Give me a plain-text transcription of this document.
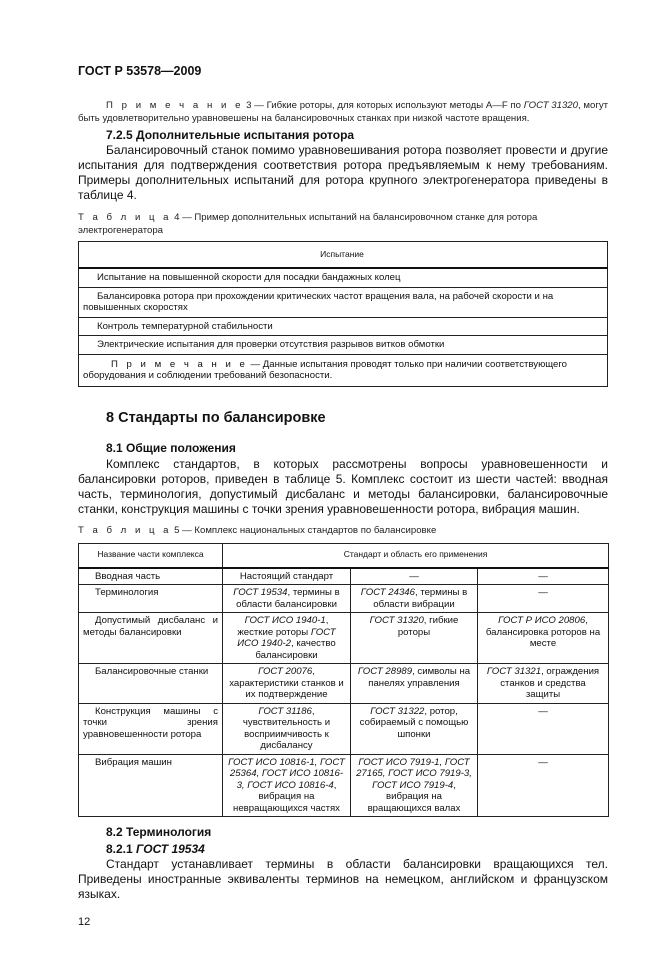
ГОСТ Р 53578—2009
П р и м е ч а н и е 3 — Гибкие роторы, для которых используют методы A—F по ГОСТ 31320, могут быть удовлетворительно уравновешены на балансировочных станках при низкой частоте вращения.
7.2.5 Дополнительные испытания ротора
Балансировочный станок помимо уравновешивания ротора позволяет провести и другие испытания для подтверждения соответствия ротора предъявляемым к нему требованиям. Примеры дополнительных испытаний для ротора крупного электрогенератора приведены в таблице 4.
Т а б л и ц а 4 — Пример дополнительных испытаний на балансировочном станке для ротора электрогенератора
Испытание
Испытание на повышенной скорости для посадки бандажных колец
Балансировка ротора при прохождении критических частот вращения вала, на рабочей скорости и на повышенных скоростях
Контроль температурной стабильности
Электрические испытания для проверки отсутствия разрывов витков обмотки
П р и м е ч а н и е — Данные испытания проводят только при наличии соответствующего оборудования и соблюдении требований безопасности.
8 Стандарты по балансировке
8.1 Общие положения
Комплекс стандартов, в которых рассмотрены вопросы уравновешенности и балансировки роторов, приведен в таблице 5. Комплекс состоит из шести частей: вводная часть, терминология, допустимый дисбаланс и методы балансировки, балансировочные станки, конструкция машины с точки зрения уравновешенности ротора, вибрация машин.
Т а б л и ц а 5 — Комплекс национальных стандартов по балансировке
Название части комплекса	Стандарт и область его применения		
Вводная часть	Настоящий стандарт	—	—
Терминология	ГОСТ 19534, термины в области балансировки	ГОСТ 24346, термины в области вибрации	—
Допустимый дисбаланс и методы балансировки	ГОСТ ИСО 1940-1, жесткие роторы ГОСТ ИСО 1940-2, качество балансировки	ГОСТ 31320, гибкие роторы	ГОСТ Р ИСО 20806, балансировка роторов на месте
Балансировочные станки	ГОСТ 20076, характеристики станков и их подтверждение	ГОСТ 28989, символы на панелях управления	ГОСТ 31321, ограждения станков и средства защиты
Конструкция машины с точки зрения уравновешенности ротора	ГОСТ 31186, чувствительность и восприимчивость к дисбалансу	ГОСТ 31322, ротор, собираемый с помощью шпонки	—
Вибрация машин	ГОСТ ИСО 10816-1, ГОСТ 25364, ГОСТ ИСО 10816-3, ГОСТ ИСО 10816-4, вибрация на невращающихся частях	ГОСТ ИСО 7919-1, ГОСТ 27165, ГОСТ ИСО 7919-3, ГОСТ ИСО 7919-4, вибрация на вращающихся валах	—
8.2 Терминология
8.2.1 ГОСТ 19534
Стандарт устанавливает термины в области балансировки вращающихся тел. Приведены иностранные эквиваленты терминов на немецком, английском и французском языках.
12
